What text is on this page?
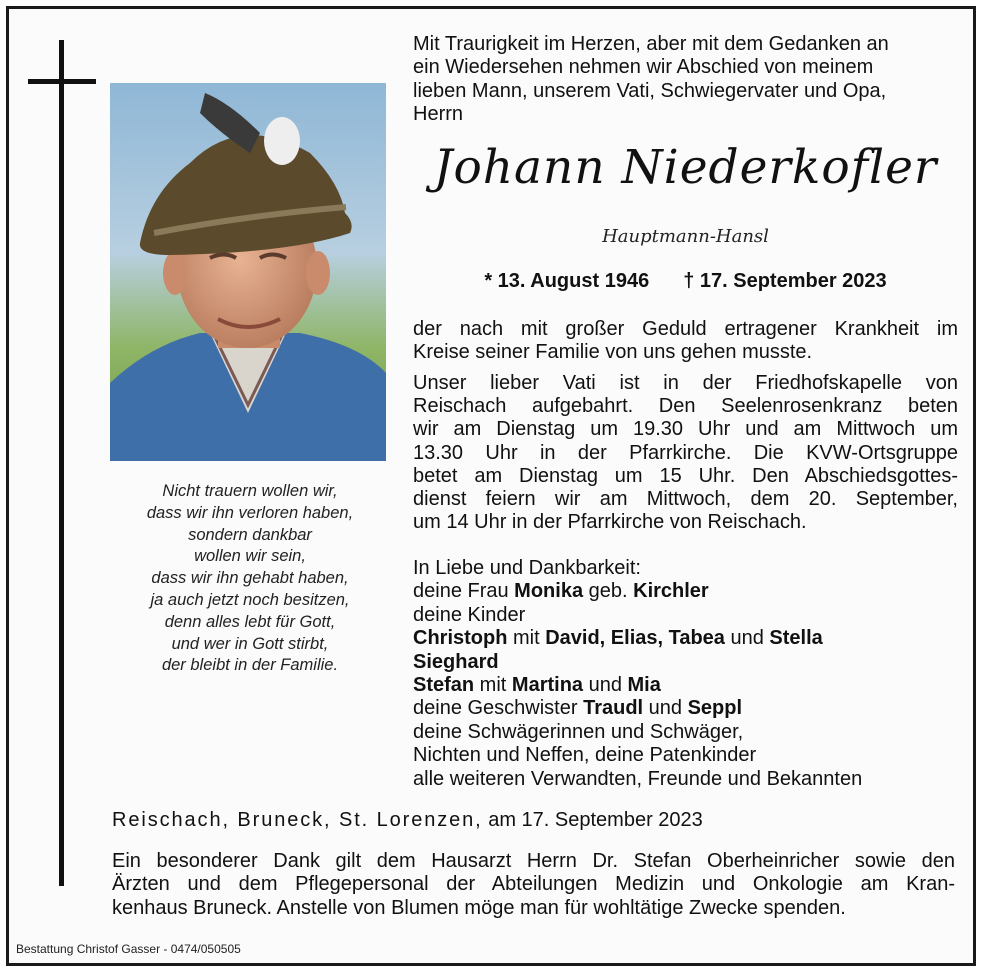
Nicht trauern wollen wir,
dass wir ihn verloren haben,
sondern dankbar
wollen wir sein,
dass wir ihn gehabt haben,
ja auch jetzt noch besitzen,
denn alles lebt für Gott,
und wer in Gott stirbt,
der bleibt in der Familie.
Mit Traurigkeit im Herzen, aber mit dem Gedanken an
ein Wiedersehen nehmen wir Abschied von meinem
lieben Mann, unserem Vati, Schwiegervater und Opa,
Herrn
Johann Niederkofler
Hauptmann-Hansl
* 13. August 1946 † 17. September 2023
der nach mit großer Geduld ertragener Krankheit im
Kreise seiner Familie von uns gehen musste.
Unser lieber Vati ist in der Friedhofskapelle von
Reischach aufgebahrt. Den Seelenrosenkranz beten
wir am Dienstag um 19.30 Uhr und am Mittwoch um
13.30 Uhr in der Pfarrkirche. Die KVW-Ortsgruppe
betet am Dienstag um 15 Uhr. Den Abschiedsgottes-
dienst feiern wir am Mittwoch, dem 20. September,
um 14 Uhr in der Pfarrkirche von Reischach.
In Liebe und Dankbarkeit:
deine Frau Monika geb. Kirchler
deine Kinder
Christoph mit David, Elias, Tabea und Stella
Sieghard
Stefan mit Martina und Mia
deine Geschwister Traudl und Seppl
deine Schwägerinnen und Schwäger,
Nichten und Neffen, deine Patenkinder
alle weiteren Verwandten, Freunde und Bekannten
Reischach, Bruneck, St. Lorenzen, am 17. September 2023
Ein besonderer Dank gilt dem Hausarzt Herrn Dr. Stefan Oberheinricher sowie den
Ärzten und dem Pflegepersonal der Abteilungen Medizin und Onkologie am Kran-
kenhaus Bruneck. Anstelle von Blumen möge man für wohltätige Zwecke spenden.
Bestattung Christof Gasser - 0474/050505
